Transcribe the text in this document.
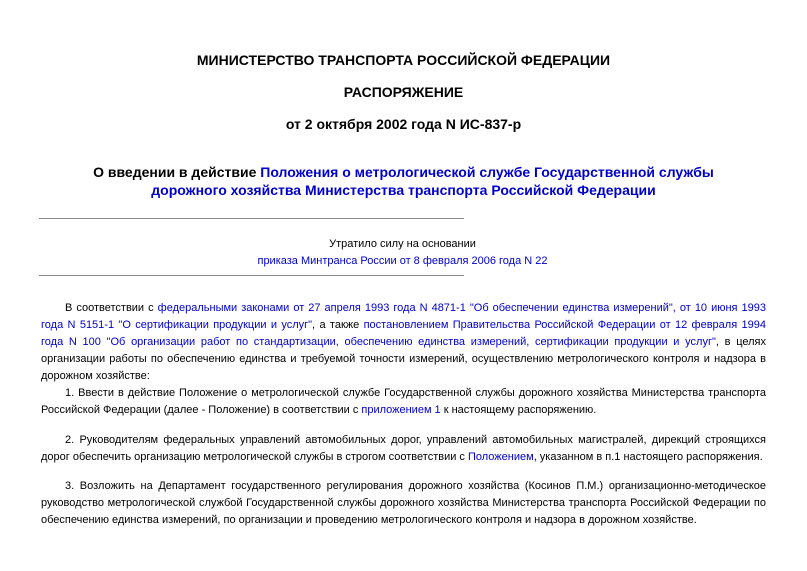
МИНИСТЕРСТВО ТРАНСПОРТА РОССИЙСКОЙ ФЕДЕРАЦИИ
РАСПОРЯЖЕНИЕ
от 2 октября 2002 года N ИС-837-р
О введении в действие Положения о метрологической службе Государственной службы дорожного хозяйства Министерства транспорта Российской Федерации
Утратило силу на основании
приказа Минтранса России от 8 февраля 2006 года N 22
В соответствии с федеральными законами от 27 апреля 1993 года N 4871-1 "Об обеспечении единства измерений", от 10 июня 1993 года N 5151-1 "О сертификации продукции и услуг", а также постановлением Правительства Российской Федерации от 12 февраля 1994 года N 100 "Об организации работ по стандартизации, обеспечению единства измерений, сертификации продукции и услуг", в целях организации работы по обеспечению единства и требуемой точности измерений, осуществлению метрологического контроля и надзора в дорожном хозяйстве:
1. Ввести в действие Положение о метрологической службе Государственной службы дорожного хозяйства Министерства транспорта Российской Федерации (далее - Положение) в соответствии с приложением 1 к настоящему распоряжению.
2. Руководителям федеральных управлений автомобильных дорог, управлений автомобильных магистралей, дирекций строящихся дорог обеспечить организацию метрологической службы в строгом соответствии с Положением, указанном в п.1 настоящего распоряжения.
3. Возложить на Департамент государственного регулирования дорожного хозяйства (Косинов П.М.) организационно-методическое руководство метрологической службой Государственной службы дорожного хозяйства Министерства транспорта Российской Федерации по обеспечению единства измерений, по организации и проведению метрологического контроля и надзора в дорожном хозяйстве.
